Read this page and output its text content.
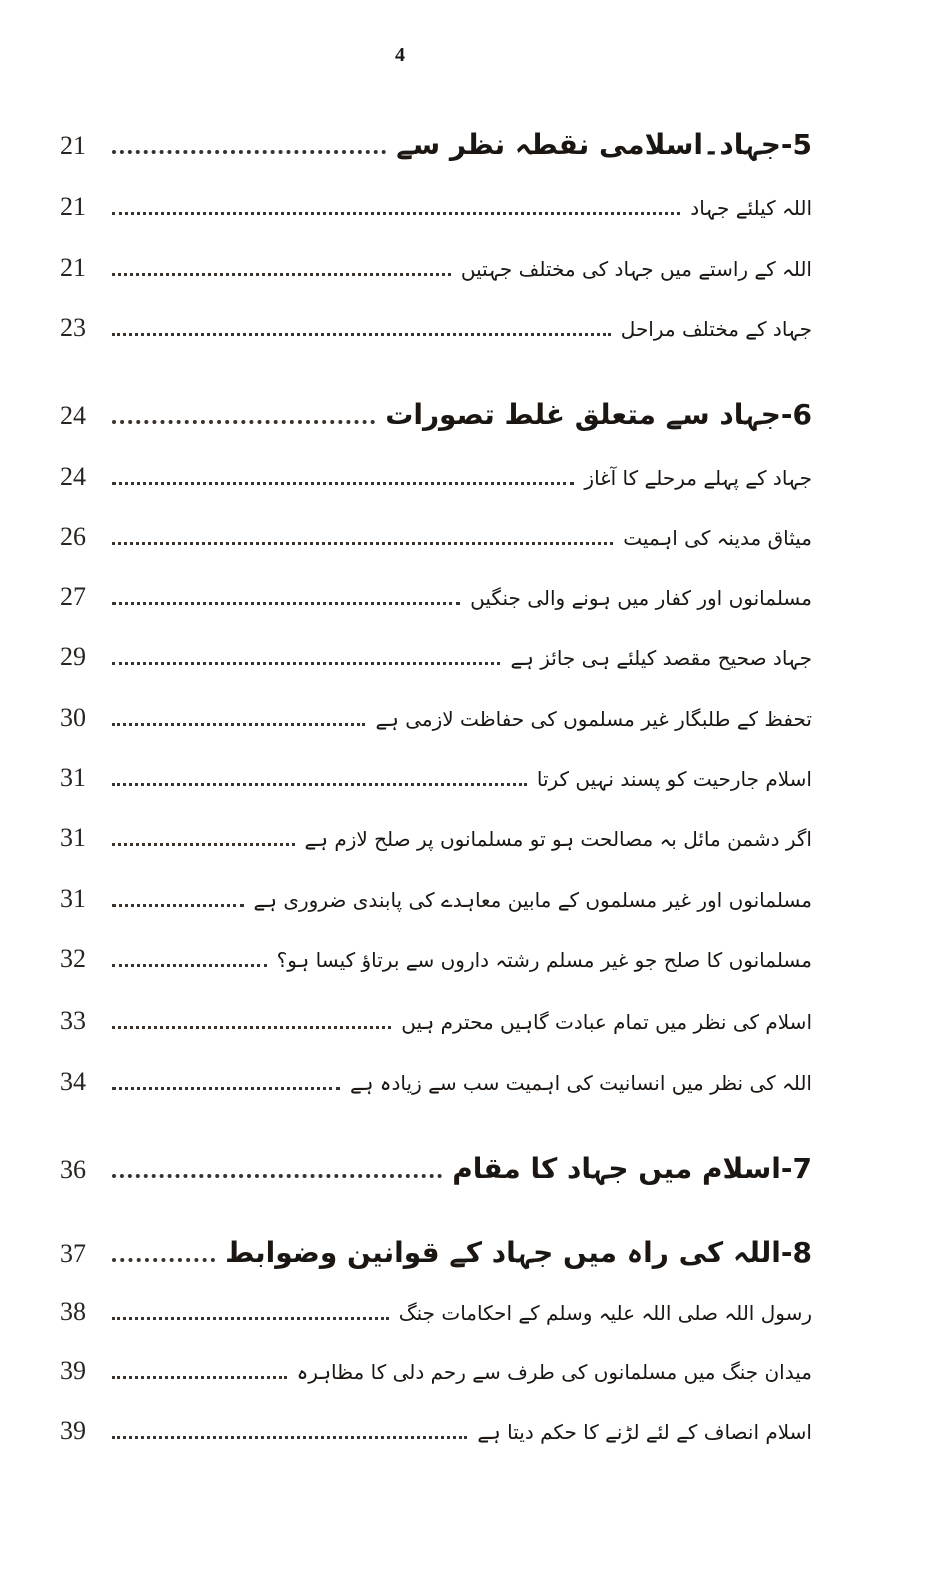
4
21	5-جہاد۔اسلامی نقطہ نظر سے
21	اللہ کیلئے جہاد
21	اللہ کے راستے میں جہاد کی مختلف جہتیں
23	جہاد کے مختلف مراحل
24	6-جہاد سے متعلق غلط تصورات
24	جہاد کے پہلے مرحلے کا آغاز
26	میثاق مدینہ کی اہمیت
27	مسلمانوں اور کفار میں ہونے والی جنگیں
29	جہاد صحیح مقصد کیلئے ہی جائز ہے
30	تحفظ کے طلبگار غیر مسلموں کی حفاظت لازمی ہے
31	اسلام جارحیت کو پسند نہیں کرتا
31	اگر دشمن مائل بہ مصالحت ہو تو مسلمانوں پر صلح لازم ہے
31	مسلمانوں اور غیر مسلموں کے مابین معاہدے کی پابندی ضروری ہے
32	مسلمانوں کا صلح جو غیر مسلم رشتہ داروں سے برتاؤ کیسا ہو؟
33	اسلام کی نظر میں تمام عبادت گاہیں محترم ہیں
34	اللہ کی نظر میں انسانیت کی اہمیت سب سے زیادہ ہے
36	7-اسلام میں جہاد کا مقام
37	8-اللہ کی راہ میں جہاد کے قوانین وضوابط
38	رسول اللہ صلی اللہ علیہ وسلم کے احکامات جنگ
39	میدان جنگ میں مسلمانوں کی طرف سے رحم دلی کا مظاہرہ
39	اسلام انصاف کے لئے لڑنے کا حکم دیتا ہے
